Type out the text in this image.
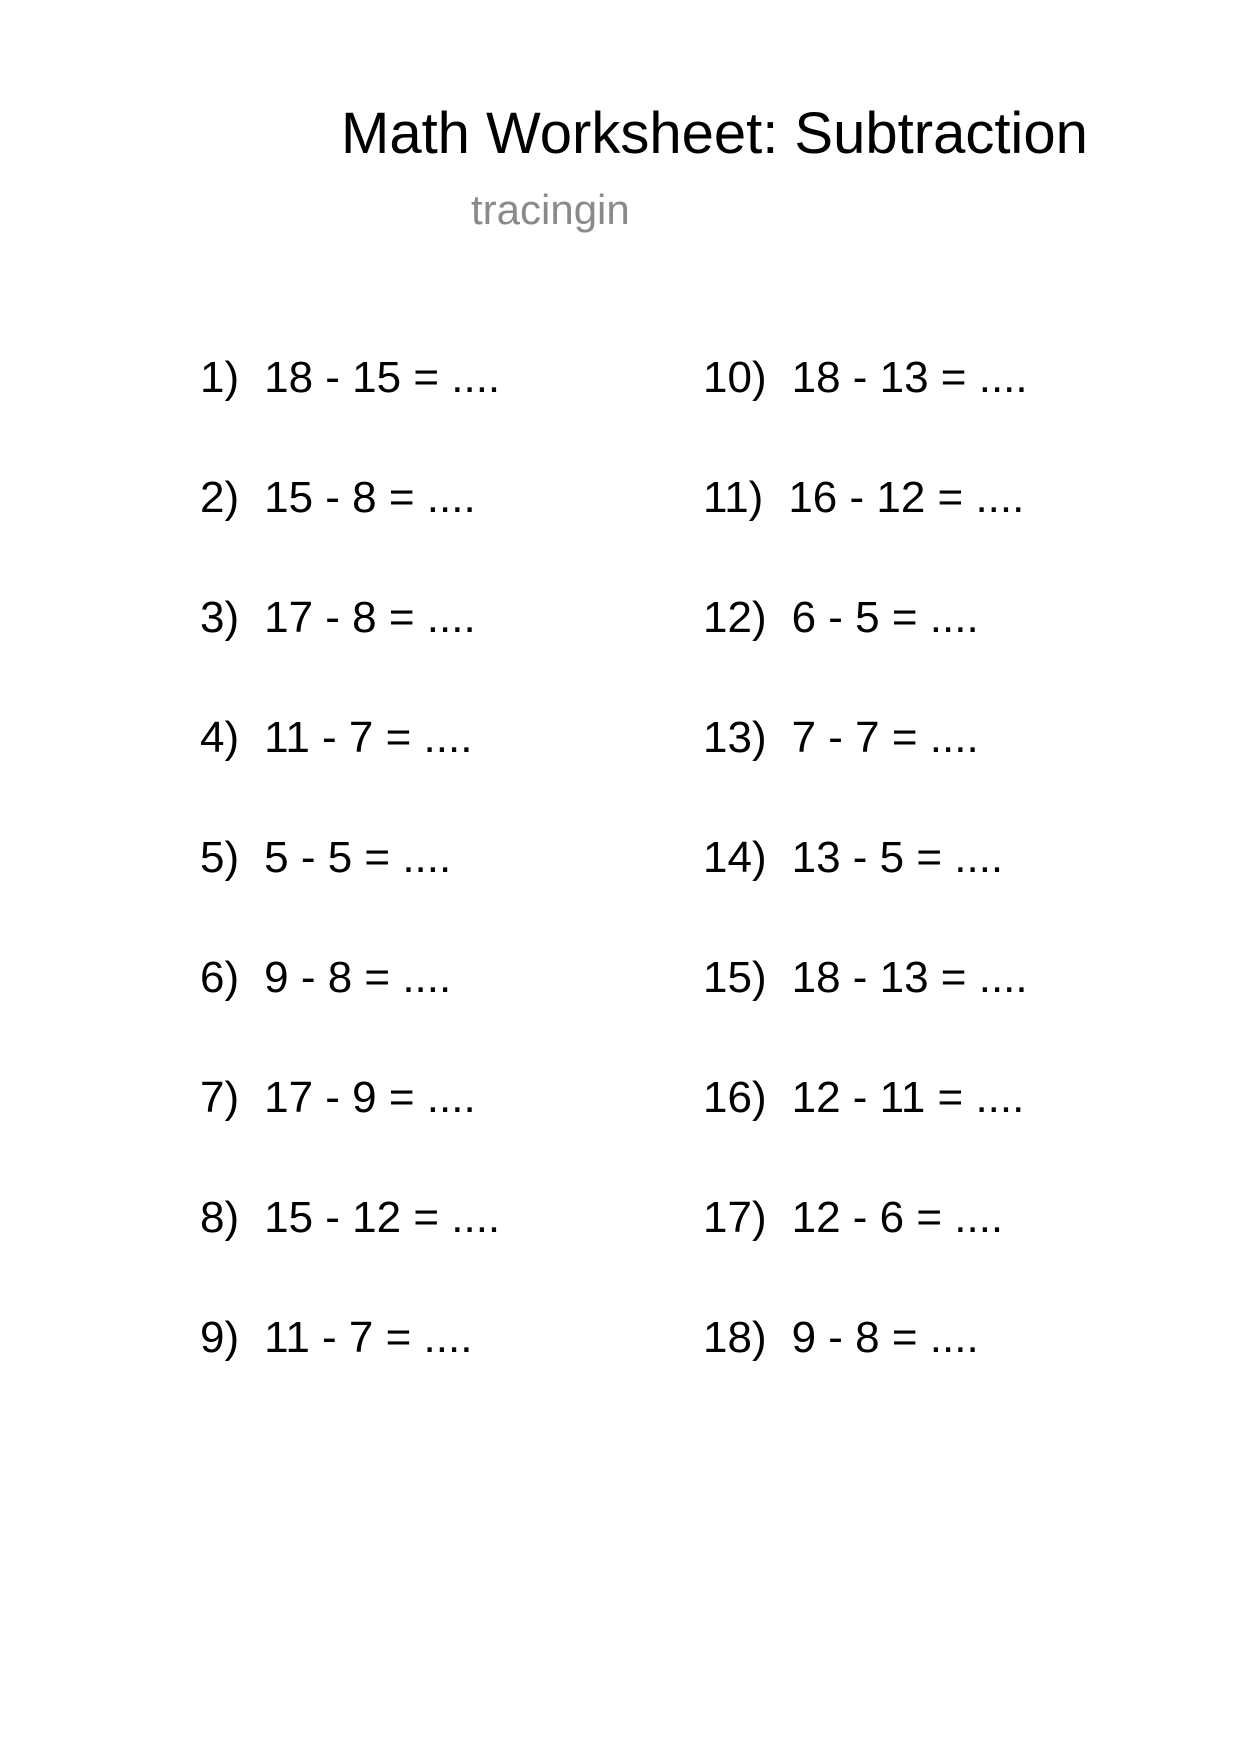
Math Worksheet: Subtraction
tracingin
1) 18 - 15 = ....
2) 15 - 8 = ....
3) 17 - 8 = ....
4) 11 - 7 = ....
5) 5 - 5 = ....
6) 9 - 8 = ....
7) 17 - 9 = ....
8) 15 - 12 = ....
9) 11 - 7 = ....
10) 18 - 13 = ....
11) 16 - 12 = ....
12) 6 - 5 = ....
13) 7 - 7 = ....
14) 13 - 5 = ....
15) 18 - 13 = ....
16) 12 - 11 = ....
17) 12 - 6 = ....
18) 9 - 8 = ....
